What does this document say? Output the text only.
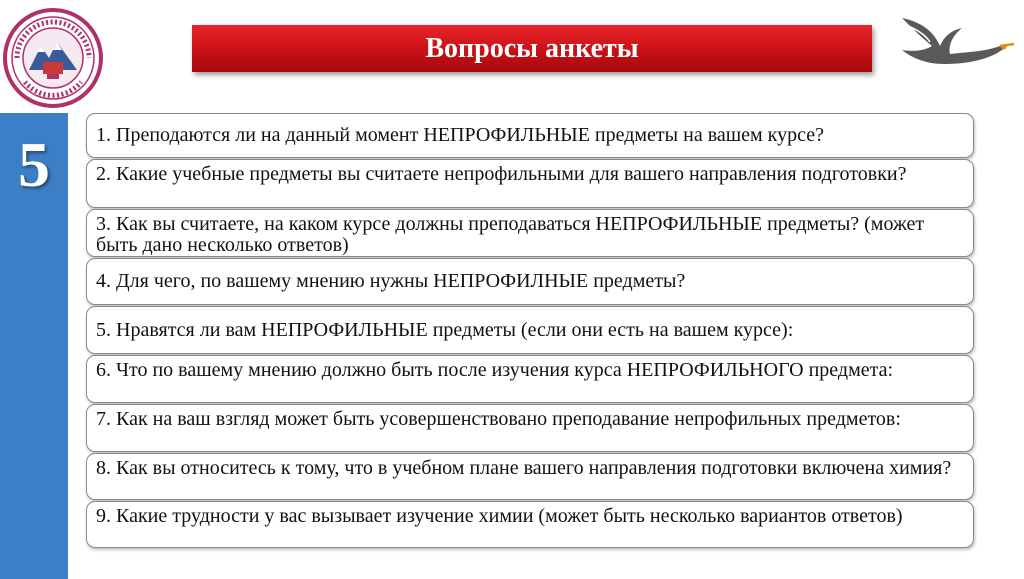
Вопросы анкеты
5	1. Преподаются ли на данный момент НЕПРОФИЛЬНЫЕ предметы на вашем курсе?
2. Какие учебные предметы вы считаете непрофильными для вашего направления подготовки?
3. Как вы считаете, на каком курсе должны преподаваться НЕПРОФИЛЬНЫЕ предметы? (может быть дано несколько ответов)
4. Для чего, по вашему мнению нужны НЕПРОФИЛНЫЕ предметы?
5. Нравятся ли вам НЕПРОФИЛЬНЫЕ предметы (если они есть на вашем курсе):
6. Что по вашему мнению должно быть после изучения курса НЕПРОФИЛЬНОГО предмета:
7. Как на ваш взгляд может быть усовершенствовано преподавание непрофильных предметов:
8. Как вы относитесь к тому, что в учебном плане вашего направления подготовки включена химия?
9. Какие трудности у вас вызывает изучение химии (может быть несколько вариантов ответов)
